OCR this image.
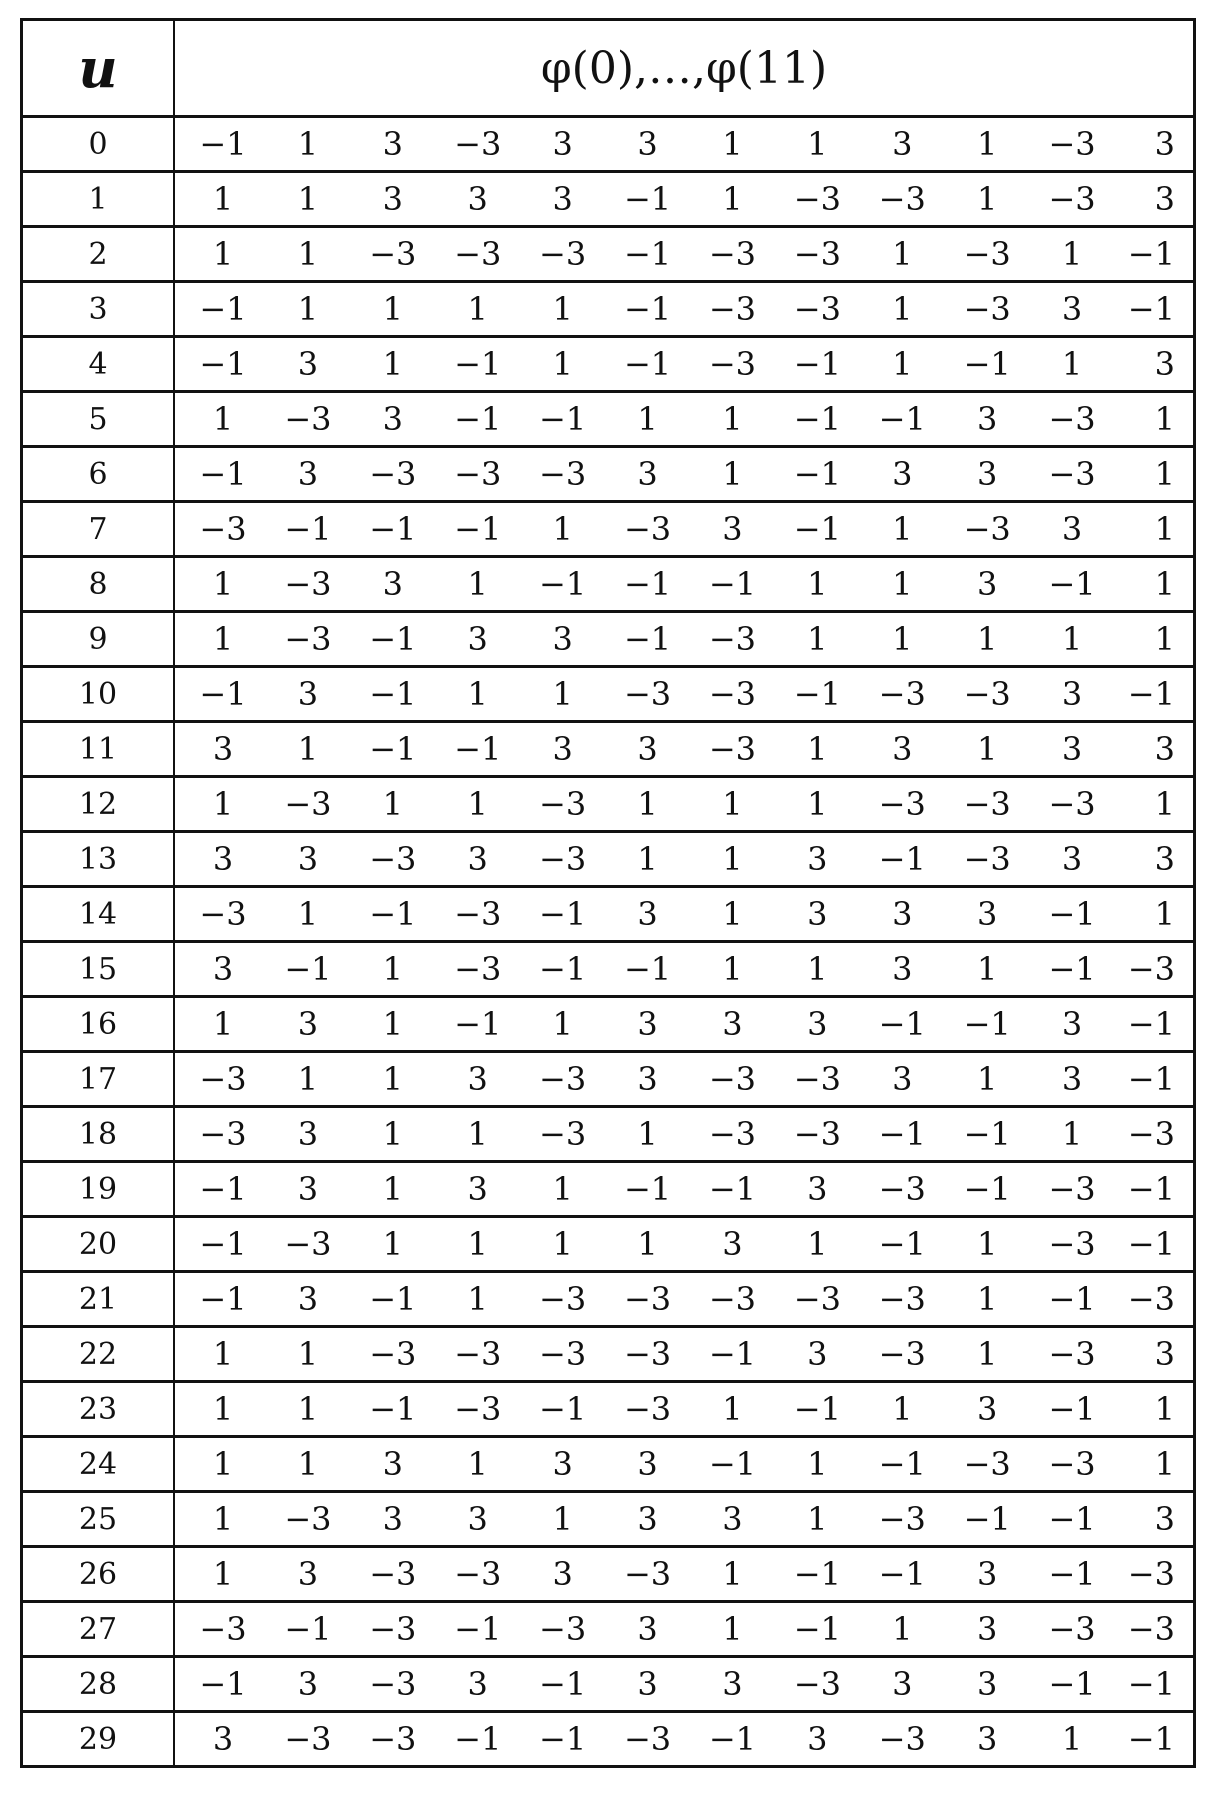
u	φ(0),…,φ(11)
0	−1	1	3	−3	3	3	1	1	3	1	−3	3

1	1	1	3	3	3	−1	1	−3	−3	1	−3	3

2	1	1	−3	−3	−3	−1	−3	−3	1	−3	1	−1

3	−1	1	1	1	1	−1	−3	−3	1	−3	3	−1

4	−1	3	1	−1	1	−1	−3	−1	1	−1	1	3

5	1	−3	3	−1	−1	1	1	−1	−1	3	−3	1

6	−1	3	−3	−3	−3	3	1	−1	3	3	−3	1

7	−3	−1	−1	−1	1	−3	3	−1	1	−3	3	1

8	1	−3	3	1	−1	−1	−1	1	1	3	−1	1

9	1	−3	−1	3	3	−1	−3	1	1	1	1	1

10	−1	3	−1	1	1	−3	−3	−1	−3	−3	3	−1

11	3	1	−1	−1	3	3	−3	1	3	1	3	3

12	1	−3	1	1	−3	1	1	1	−3	−3	−3	1

13	3	3	−3	3	−3	1	1	3	−1	−3	3	3

14	−3	1	−1	−3	−1	3	1	3	3	3	−1	1

15	3	−1	1	−3	−1	−1	1	1	3	1	−1	−3

16	1	3	1	−1	1	3	3	3	−1	−1	3	−1

17	−3	1	1	3	−3	3	−3	−3	3	1	3	−1

18	−3	3	1	1	−3	1	−3	−3	−1	−1	1	−3

19	−1	3	1	3	1	−1	−1	3	−3	−1	−3	−1

20	−1	−3	1	1	1	1	3	1	−1	1	−3	−1

21	−1	3	−1	1	−3	−3	−3	−3	−3	1	−1	−3

22	1	1	−3	−3	−3	−3	−1	3	−3	1	−3	3

23	1	1	−1	−3	−1	−3	1	−1	1	3	−1	1

24	1	1	3	1	3	3	−1	1	−1	−3	−3	1

25	1	−3	3	3	1	3	3	1	−3	−1	−1	3

26	1	3	−3	−3	3	−3	1	−1	−1	3	−1	−3

27	−3	−1	−3	−1	−3	3	1	−1	1	3	−3	−3

28	−1	3	−3	3	−1	3	3	−3	3	3	−1	−1

29	3	−3	−3	−1	−1	−3	−1	3	−3	3	1	−1
